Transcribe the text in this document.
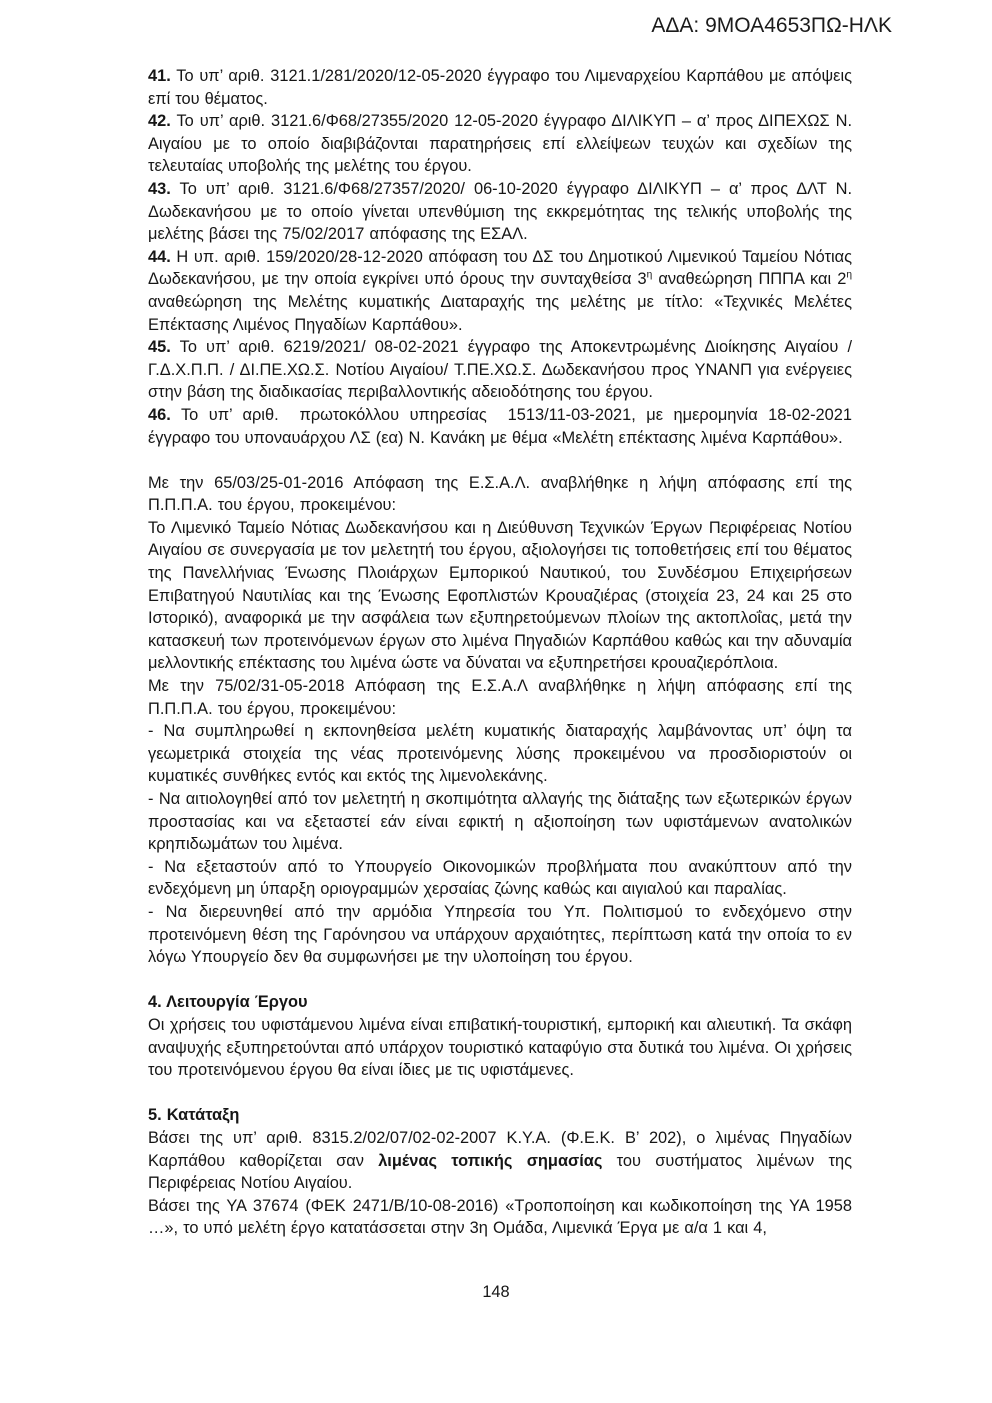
ΑΔΑ: 9ΜΟΑ4653ΠΩ-ΗΛΚ

41. Το υπ’ αριθ. 3121.1/281/2020/12-05-2020 έγγραφο του Λιμεναρχείου Καρπάθου με απόψεις επί του θέματος.

42. Το υπ’ αριθ. 3121.6/Φ68/27355/2020 12-05-2020 έγγραφο ΔΙΛΙΚΥΠ – α’ προς ΔΙΠΕΧΩΣ Ν. Αιγαίου με το οποίο διαβιβάζονται παρατηρήσεις επί ελλείψεων τευχών και σχεδίων της τελευταίας υποβολής της μελέτης του έργου.

43. Το υπ’ αριθ. 3121.6/Φ68/27357/2020/ 06-10-2020 έγγραφο ΔΙΛΙΚΥΠ – α’ προς ΔΛΤ Ν. Δωδεκανήσου με το οποίο γίνεται υπενθύμιση της εκκρεμότητας της τελικής υποβολής της μελέτης βάσει της 75/02/2017 απόφασης της ΕΣΑΛ.

44. Η υπ. αριθ. 159/2020/28-12-2020 απόφαση του ΔΣ του Δημοτικού Λιμενικού Ταμείου Νότιας Δωδεκανήσου, με την οποία εγκρίνει υπό όρους την συνταχθείσα $3^\eta$ αναθεώρηση ΠΠΠΑ και $2^\eta$ αναθεώρηση της Μελέτης κυματικής Διαταραχής της μελέτης με τίτλο: «Τεχνικές Μελέτες Επέκτασης Λιμένος Πηγαδίων Καρπάθου».

45. Το υπ’ αριθ. 6219/2021/ 08-02-2021 έγγραφο της Αποκεντρωμένης Διοίκησης Αιγαίου / Γ.Δ.Χ.Π.Π. / ΔΙ.ΠΕ.ΧΩ.Σ. Νοτίου Αιγαίου/ Τ.ΠΕ.ΧΩ.Σ. Δωδεκανήσου προς ΥΝΑΝΠ για ενέργειες στην βάση της διαδικασίας περιβαλλοντικής αδειοδότησης του έργου.

46. Το υπ’ αριθ.  πρωτοκόλλου υπηρεσίας  1513/11-03-2021, με ημερομηνία 18-02-2021 έγγραφο του υποναυάρχου ΛΣ (εα) Ν. Κανάκη με θέμα «Μελέτη επέκτασης λιμένα Καρπάθου».

Με την 65/03/25-01-2016 Απόφαση της Ε.Σ.Α.Λ. αναβλήθηκε η λήψη απόφασης επί της Π.Π.Π.Α. του έργου, προκειμένου:

Το Λιμενικό Ταμείο Νότιας Δωδεκανήσου και η Διεύθυνση Τεχνικών Έργων Περιφέρειας Νοτίου Αιγαίου σε συνεργασία με τον μελετητή του έργου, αξιολογήσει τις τοποθετήσεις επί του θέματος της Πανελλήνιας Ένωσης Πλοιάρχων Εμπορικού Ναυτικού, του Συνδέσμου Επιχειρήσεων Επιβατηγού Ναυτιλίας και της Ένωσης Εφοπλιστών Κρουαζιέρας (στοιχεία 23, 24 και 25 στο Ιστορικό), αναφορικά με την ασφάλεια των εξυπηρετούμενων πλοίων της ακτοπλοΐας, μετά την κατασκευή των προτεινόμενων έργων στο λιμένα Πηγαδιών Καρπάθου καθώς και την αδυναμία μελλοντικής επέκτασης του λιμένα ώστε να δύναται να εξυπηρετήσει κρουαζιερόπλοια.

Με την 75/02/31-05-2018 Απόφαση της Ε.Σ.Α.Λ αναβλήθηκε η λήψη απόφασης επί της Π.Π.Π.Α. του έργου, προκειμένου:

- Να συμπληρωθεί η εκπονηθείσα μελέτη κυματικής διαταραχής λαμβάνοντας υπ’ όψη τα γεωμετρικά στοιχεία της νέας προτεινόμενης λύσης προκειμένου να προσδιοριστούν οι κυματικές συνθήκες εντός και εκτός της λιμενολεκάνης.

- Να αιτιολογηθεί από τον μελετητή η σκοπιμότητα αλλαγής της διάταξης των εξωτερικών έργων προστασίας και να εξεταστεί εάν είναι εφικτή η αξιοποίηση των υφιστάμενων ανατολικών κρηπιδωμάτων του λιμένα.

- Να εξεταστούν από το Υπουργείο Οικονομικών προβλήματα που ανακύπτουν από την ενδεχόμενη μη ύπαρξη οριογραμμών χερσαίας ζώνης καθώς και αιγιαλού και παραλίας.

- Να διερευνηθεί από την αρμόδια Υπηρεσία του Υπ. Πολιτισμού το ενδεχόμενο στην προτεινόμενη θέση της Γαρόνησου να υπάρχουν αρχαιότητες, περίπτωση κατά την οποία το εν λόγω Υπουργείο δεν θα συμφωνήσει με την υλοποίηση του έργου.

4. Λειτουργία Έργου

Οι χρήσεις του υφιστάμενου λιμένα είναι επιβατική-τουριστική, εμπορική και αλιευτική. Τα σκάφη αναψυχής εξυπηρετούνται από υπάρχον τουριστικό καταφύγιο στα δυτικά του λιμένα. Οι χρήσεις του προτεινόμενου έργου θα είναι ίδιες με τις υφιστάμενες.

5. Κατάταξη

Βάσει της υπ’ αριθ. 8315.2/02/07/02-02-2007 Κ.Υ.Α. (Φ.Ε.Κ. Β’ 202), ο λιμένας Πηγαδίων Καρπάθου καθορίζεται σαν λιμένας τοπικής σημασίας του συστήματος λιμένων της Περιφέρειας Νοτίου Αιγαίου.

Βάσει της ΥΑ 37674 (ΦΕΚ 2471/Β/10-08-2016) «Τροποποίηση και κωδικοποίηση της ΥΑ 1958 …», το υπό μελέτη έργο κατατάσσεται στην 3η Ομάδα, Λιμενικά Έργα με α/α 1 και 4,

148
